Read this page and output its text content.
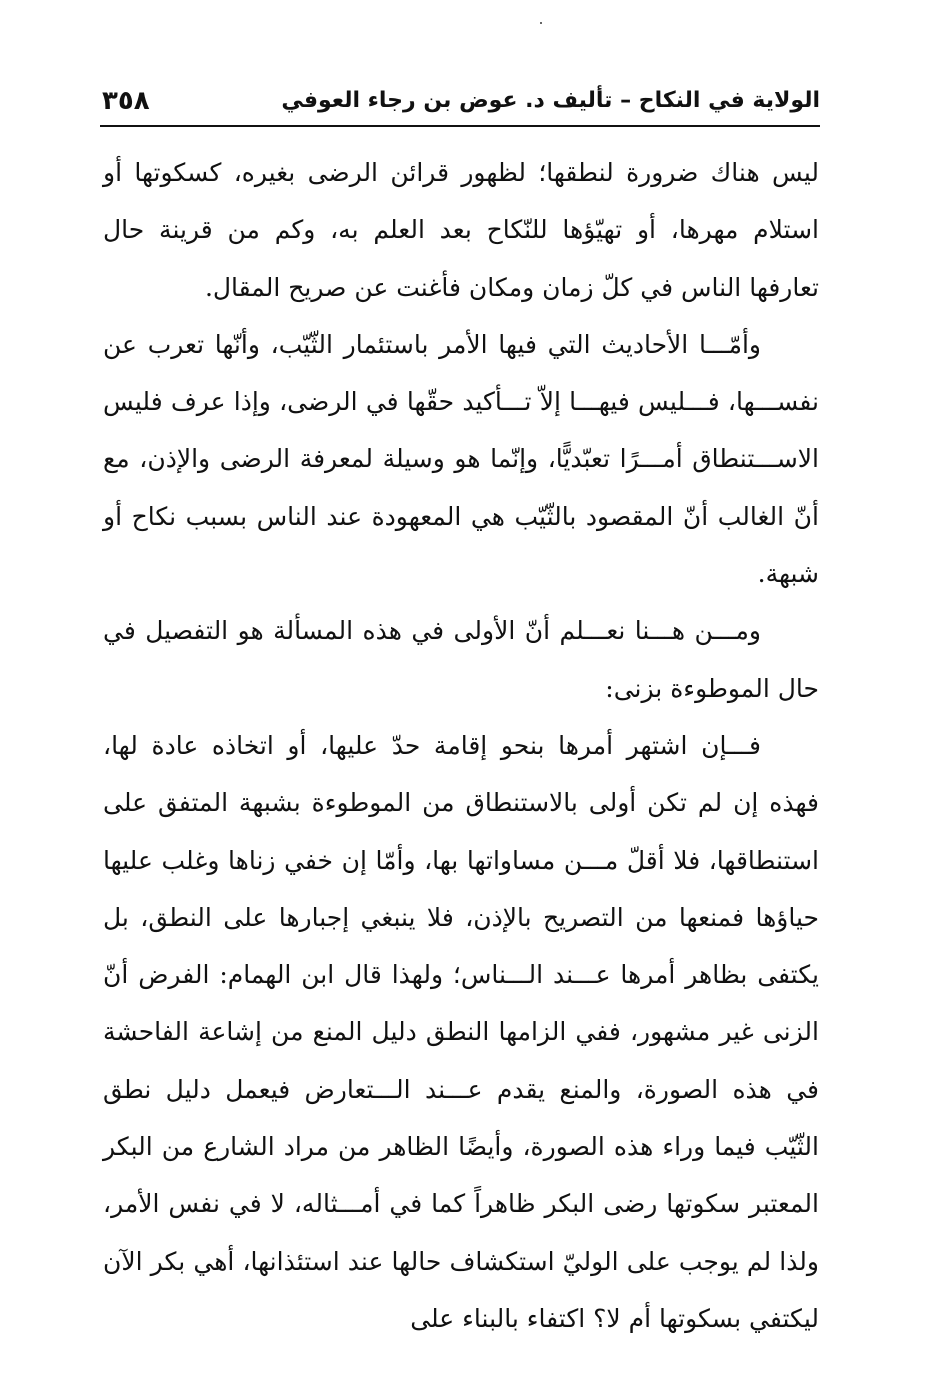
الولاية في النكاح – تأليف د. عوض بن رجاء العوفي
٣٥٨

ليس هناك ضرورة لنطقها؛ لظهور قرائن الرضى بغيره، كسكوتها أو استلام مهرها، أو تهيّؤها للنّكاح بعد العلم به، وكم من قرينة حال تعارفها الناس في كلّ زمان ومكان فأغنت عن صريح المقال.

وأمّـــا الأحاديث التي فيها الأمر باستئمار الثّيّب، وأنّها تعرب عن نفســـها، فـــليس فيهـــا إلاّ تـــأكيد حقّها في الرضى، وإذا عرف فليس الاســـتنطاق أمـــرًا تعبّديًّا، وإنّما هو وسيلة لمعرفة الرضى والإذن، مع أنّ الغالب أنّ المقصود بالثّيّب هي المعهودة عند الناس بسبب نكاح أو شبهة.

ومـــن هـــنا نعـــلم أنّ الأولى في هذه المسألة هو التفصيل في حال الموطوءة بزنى:

فـــإن اشتهر أمرها بنحو إقامة حدّ عليها، أو اتخاذه عادة لها، فهذه إن لم تكن أولى بالاستنطاق من الموطوءة بشبهة المتفق على استنطاقها، فلا أقلّ مـــن مساواتها بها، وأمّا إن خفي زناها وغلب عليها حياؤها فمنعها من التصريح بالإذن، فلا ينبغي إجبارها على النطق، بل يكتفى بظاهر أمرها عـــند الـــناس؛ ولهذا قال ابن الهمام: الفرض أنّ الزنى غير مشهور، ففي الزامها النطق دليل المنع من إشاعة الفاحشة في هذه الصورة، والمنع يقدم عـــند الـــتعارض فيعمل دليل نطق الثّيّب فيما وراء هذه الصورة، وأيضًا الظاهر من مراد الشارع من البكر المعتبر سكوتها رضى البكر ظاهراً كما في أمـــثاله، لا في نفس الأمر، ولذا لم يوجب على الوليّ استكشاف حالها عند استئذانها، أهي بكر الآن ليكتفي بسكوتها أم لا؟ اكتفاء بالبناء على
